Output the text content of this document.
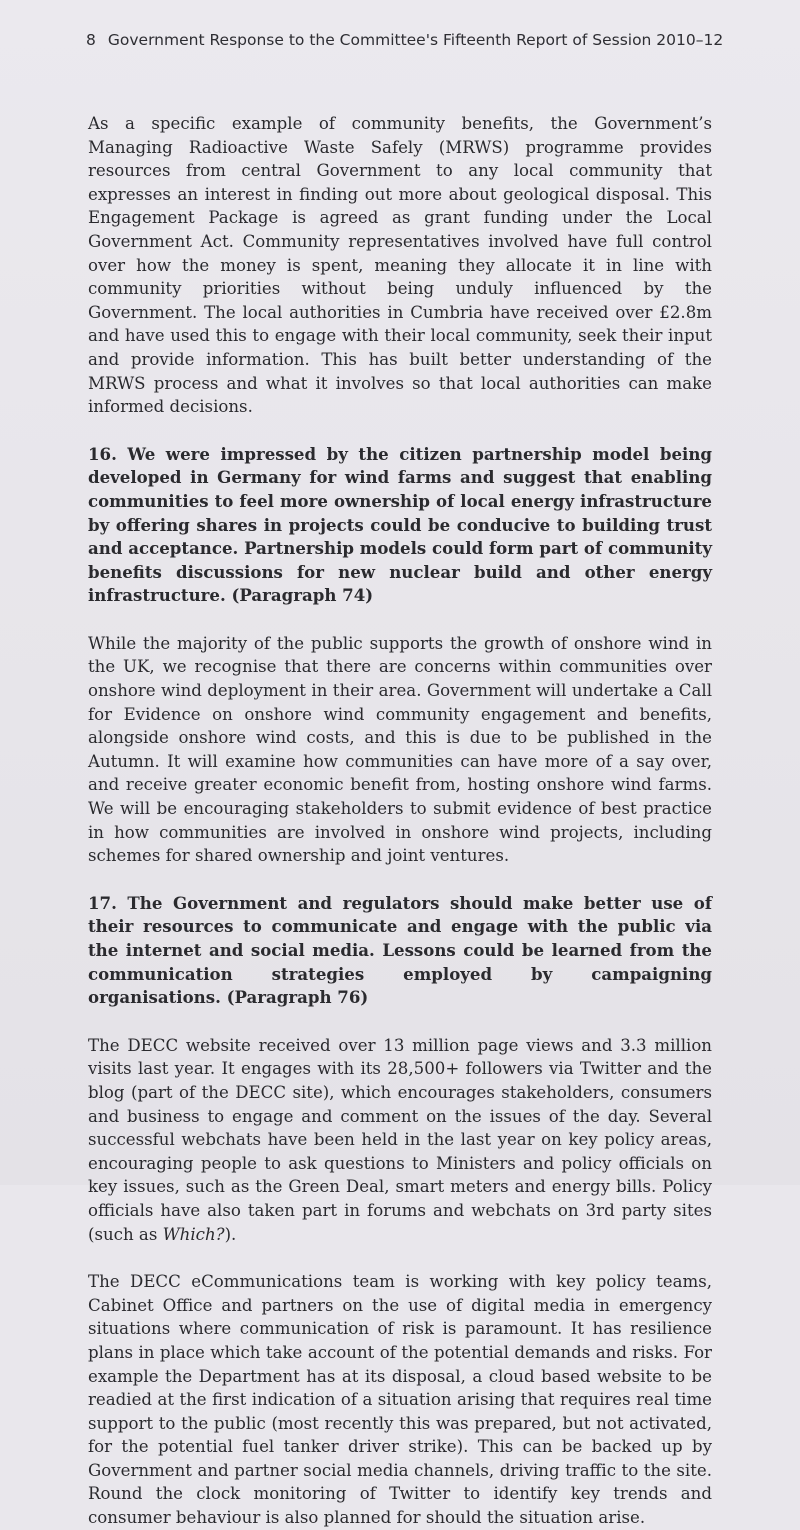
8 Government Response to the Committee's Fifteenth Report of Session 2010–12

As a specific example of community benefits, the Government’s Managing Radioactive Waste Safely (MRWS) programme provides resources from central Government to any local community that expresses an interest in finding out more about geological disposal. This Engagement Package is agreed as grant funding under the Local Government Act. Community representatives involved have full control over how the money is spent, meaning they allocate it in line with community priorities without being unduly influenced by the Government. The local authorities in Cumbria have received over £2.8m and have used this to engage with their local community, seek their input and provide information. This has built better understanding of the MRWS process and what it involves so that local authorities can make informed decisions.

16. We were impressed by the citizen partnership model being developed in Germany for wind farms and suggest that enabling communities to feel more ownership of local energy infrastructure by offering shares in projects could be conducive to building trust and acceptance. Partnership models could form part of community benefits discussions for new nuclear build and other energy infrastructure. (Paragraph 74)

While the majority of the public supports the growth of onshore wind in the UK, we recognise that there are concerns within communities over onshore wind deployment in their area. Government will undertake a Call for Evidence on onshore wind community engagement and benefits, alongside onshore wind costs, and this is due to be published in the Autumn. It will examine how communities can have more of a say over, and receive greater economic benefit from, hosting onshore wind farms. We will be encouraging stakeholders to submit evidence of best practice in how communities are involved in onshore wind projects, including schemes for shared ownership and joint ventures.

17. The Government and regulators should make better use of their resources to communicate and engage with the public via the internet and social media. Lessons could be learned from the communication strategies employed by campaigning organisations. (Paragraph 76)

The DECC website received over 13 million page views and 3.3 million visits last year. It engages with its 28,500+ followers via Twitter and the blog (part of the DECC site), which encourages stakeholders, consumers and business to engage and comment on the issues of the day. Several successful webchats have been held in the last year on key policy areas, encouraging people to ask questions to Ministers and policy officials on key issues, such as the Green Deal, smart meters and energy bills. Policy officials have also taken part in forums and webchats on 3rd party sites (such as Which?).

The DECC eCommunications team is working with key policy teams, Cabinet Office and partners on the use of digital media in emergency situations where communication of risk is paramount. It has resilience plans in place which take account of the potential demands and risks. For example the Department has at its disposal, a cloud based website to be readied at the first indication of a situation arising that requires real time support to the public (most recently this was prepared, but not activated, for the potential fuel tanker driver strike). This can be backed up by Government and partner social media channels, driving traffic to the site. Round the clock monitoring of Twitter to identify key trends and consumer behaviour is also planned for should the situation arise.
